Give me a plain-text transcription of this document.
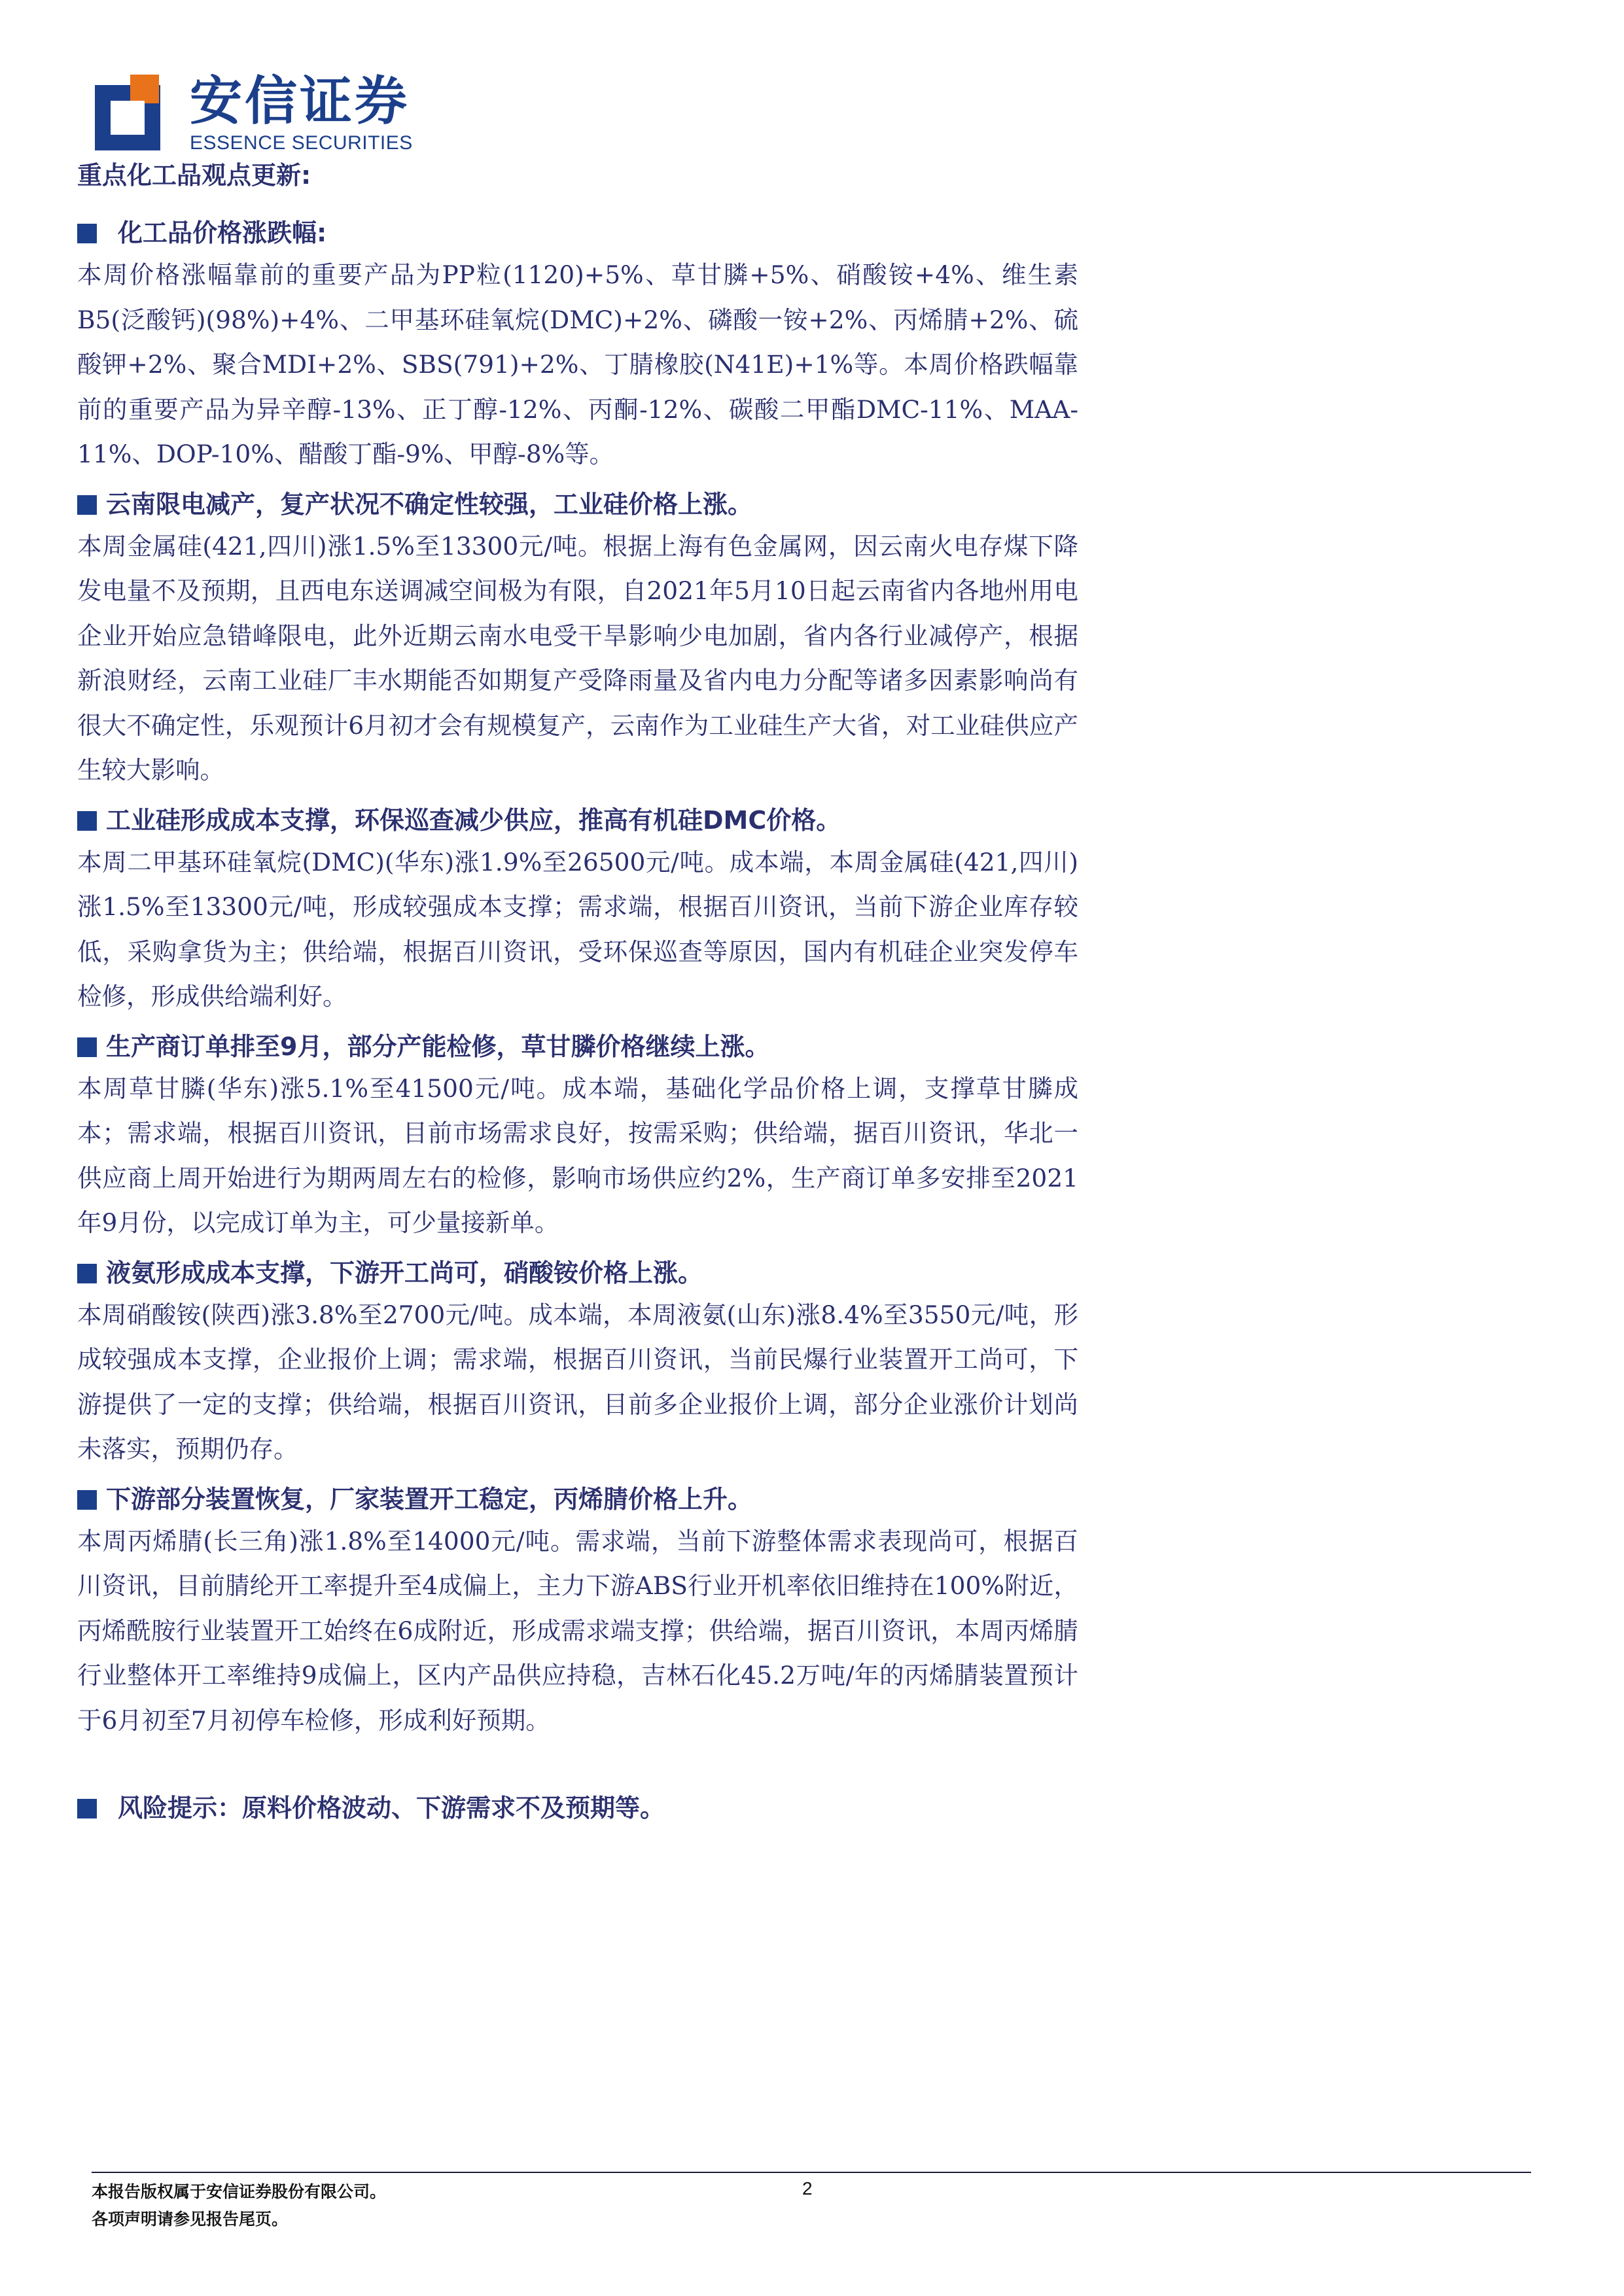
安信证券
ESSENCE SECURITIES
重点化工品观点更新:
化工品价格涨跌幅:

本周价格涨幅靠前的重要产品为PP粒(1120)+5%、草甘膦+5%、硝酸铵+4%、维生素B5(泛酸钙)(98%)+4%、二甲基环硅氧烷(DMC)+2%、磷酸一铵+2%、丙烯腈+2%、硫酸钾+2%、聚合MDI+2%、SBS(791)+2%、丁腈橡胶(N41E)+1%等。本周价格跌幅靠前的重要产品为异辛醇-13%、正丁醇-12%、丙酮-12%、碳酸二甲酯DMC-11%、MAA-11%、DOP-10%、醋酸丁酯-9%、甲醇-8%等。

云南限电减产，复产状况不确定性较强，工业硅价格上涨。

本周金属硅(421,四川)涨1.5%至13300元/吨。根据上海有色金属网，因云南火电存煤下降发电量不及预期，且西电东送调减空间极为有限，自2021年5月10日起云南省内各地州用电企业开始应急错峰限电，此外近期云南水电受干旱影响少电加剧，省内各行业减停产，根据新浪财经，云南工业硅厂丰水期能否如期复产受降雨量及省内电力分配等诸多因素影响尚有很大不确定性，乐观预计6月初才会有规模复产，云南作为工业硅生产大省，对工业硅供应产生较大影响。

工业硅形成成本支撑，环保巡查减少供应，推高有机硅DMC价格。

本周二甲基环硅氧烷(DMC)(华东)涨1.9%至26500元/吨。成本端，本周金属硅(421,四川)涨1.5%至13300元/吨，形成较强成本支撑；需求端，根据百川资讯，当前下游企业库存较低，采购拿货为主；供给端，根据百川资讯，受环保巡查等原因，国内有机硅企业突发停车检修，形成供给端利好。

生产商订单排至9月，部分产能检修，草甘膦价格继续上涨。

本周草甘膦(华东)涨5.1%至41500元/吨。成本端，基础化学品价格上调，支撑草甘膦成本；需求端，根据百川资讯，目前市场需求良好，按需采购；供给端，据百川资讯，华北一供应商上周开始进行为期两周左右的检修，影响市场供应约2%，生产商订单多安排至2021年9月份，以完成订单为主，可少量接新单。

液氨形成成本支撑，下游开工尚可，硝酸铵价格上涨。

本周硝酸铵(陕西)涨3.8%至2700元/吨。成本端，本周液氨(山东)涨8.4%至3550元/吨，形成较强成本支撑，企业报价上调；需求端，根据百川资讯，当前民爆行业装置开工尚可，下游提供了一定的支撑；供给端，根据百川资讯，目前多企业报价上调，部分企业涨价计划尚未落实，预期仍存。

下游部分装置恢复，厂家装置开工稳定，丙烯腈价格上升。

本周丙烯腈(长三角)涨1.8%至14000元/吨。需求端，当前下游整体需求表现尚可，根据百川资讯，目前腈纶开工率提升至4成偏上，主力下游ABS行业开机率依旧维持在100%附近，丙烯酰胺行业装置开工始终在6成附近，形成需求端支撑；供给端，据百川资讯，本周丙烯腈行业整体开工率维持9成偏上，区内产品供应持稳，吉林石化45.2万吨/年的丙烯腈装置预计于6月初至7月初停车检修，形成利好预期。

风险提示：原料价格波动、下游需求不及预期等。
本报告版权属于安信证券股份有限公司。
各项声明请参见报告尾页。
2
